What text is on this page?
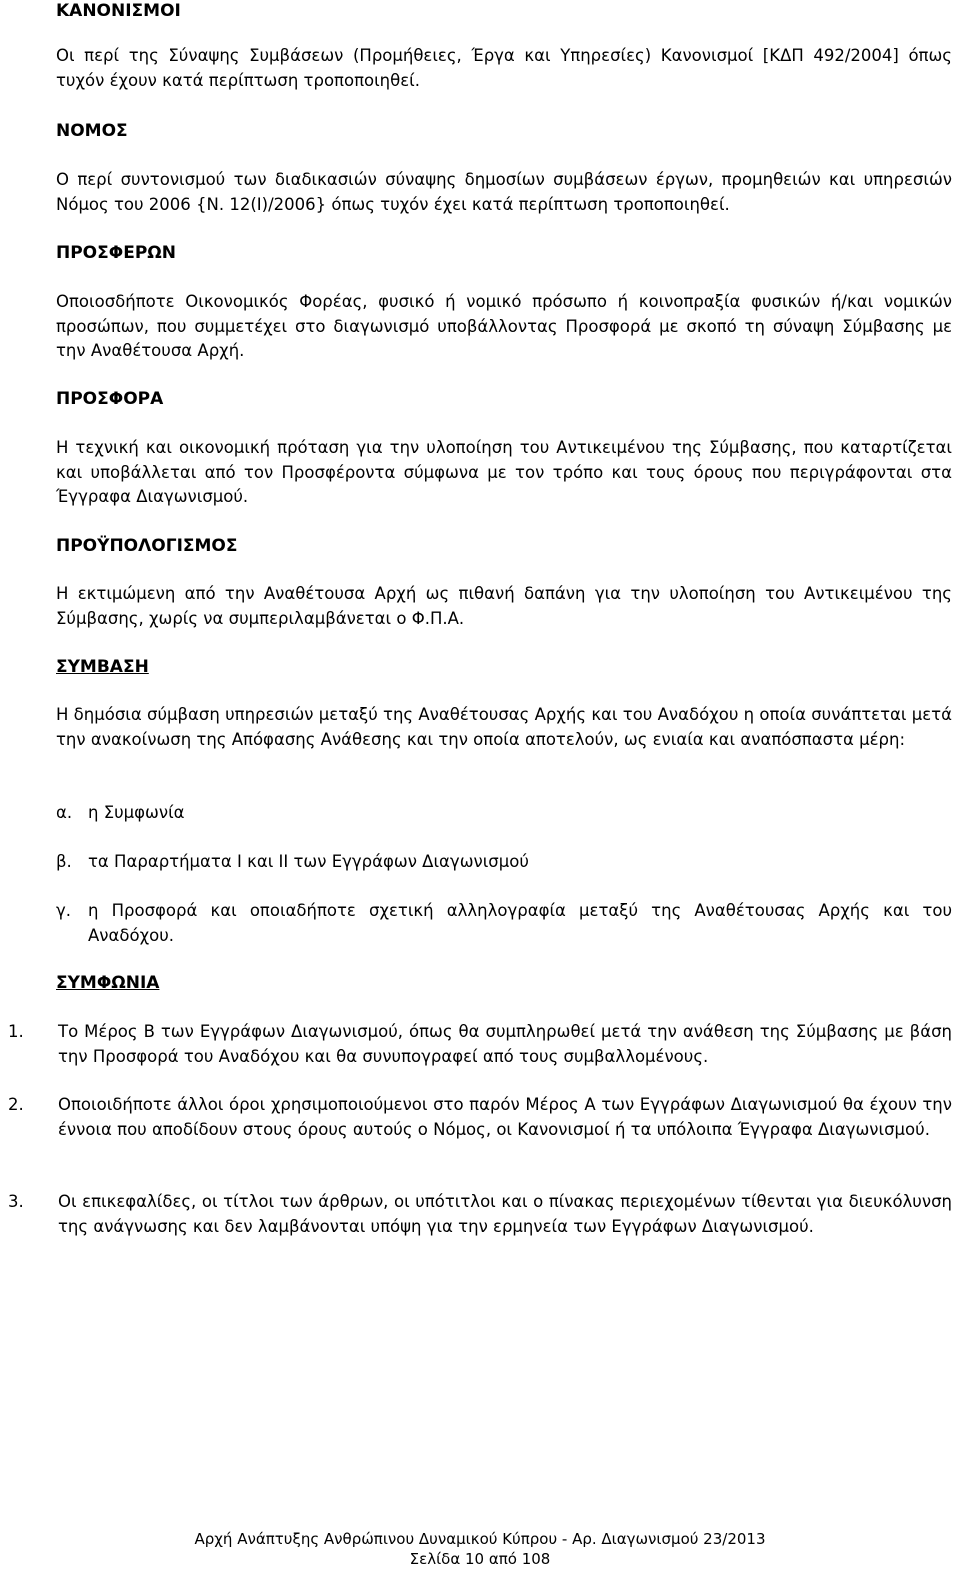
ΚΑΝΟΝΙΣΜΟΙ
Οι περί της Σύναψης Συμβάσεων (Προμήθειες, Έργα και Υπηρεσίες) Κανονισμοί [ΚΔΠ 492/2004] όπως τυχόν έχουν κατά περίπτωση τροποποιηθεί.
ΝΟΜΟΣ
Ο περί συντονισμού των διαδικασιών σύναψης δημοσίων συμβάσεων έργων, προμηθειών και υπηρεσιών Νόμος του 2006 {Ν. 12(Ι)/2006} όπως τυχόν έχει κατά περίπτωση τροποποιηθεί.
ΠΡΟΣΦΕΡΩΝ
Οποιοσδήποτε Οικονομικός Φορέας, φυσικό ή νομικό πρόσωπο ή κοινοπραξία φυσικών ή/και νομικών προσώπων, που συμμετέχει στο διαγωνισμό υποβάλλοντας Προσφορά με σκοπό τη σύναψη Σύμβασης με την Αναθέτουσα Αρχή.
ΠΡΟΣΦΟΡΑ
Η τεχνική και οικονομική πρόταση για την υλοποίηση του Αντικειμένου της Σύμβασης, που καταρτίζεται και υποβάλλεται από τον Προσφέροντα σύμφωνα με τον τρόπο και τους όρους που περιγράφονται στα Έγγραφα Διαγωνισμού.
ΠΡΟΫΠΟΛΟΓΙΣΜΟΣ
Η εκτιμώμενη από την Αναθέτουσα Αρχή ως πιθανή δαπάνη για την υλοποίηση του Αντικειμένου της Σύμβασης, χωρίς να συμπεριλαμβάνεται ο Φ.Π.Α.
ΣΥΜΒΑΣΗ
Η δημόσια σύμβαση υπηρεσιών μεταξύ της Αναθέτουσας Αρχής και του Αναδόχου η οποία συνάπτεται μετά την ανακοίνωση της Απόφασης Ανάθεσης και την οποία αποτελούν, ως ενιαία και αναπόσπαστα μέρη:
α. η Συμφωνία
β. τα Παραρτήματα Ι και ΙΙ των Εγγράφων Διαγωνισμού
γ. η Προσφορά και οποιαδήποτε σχετική αλληλογραφία μεταξύ της Αναθέτουσας Αρχής και του Αναδόχου.
ΣΥΜΦΩΝΙΑ
1. Το Μέρος Β των Εγγράφων Διαγωνισμού, όπως θα συμπληρωθεί μετά την ανάθεση της Σύμβασης με βάση την Προσφορά του Αναδόχου και θα συνυπογραφεί από τους συμβαλλομένους.
2. Οποιοιδήποτε άλλοι όροι χρησιμοποιούμενοι στο παρόν Μέρος Α των Εγγράφων Διαγωνισμού θα έχουν την έννοια που αποδίδουν στους όρους αυτούς ο Νόμος, οι Κανονισμοί ή τα υπόλοιπα Έγγραφα Διαγωνισμού.
3. Οι επικεφαλίδες, οι τίτλοι των άρθρων, οι υπότιτλοι και ο πίνακας περιεχομένων τίθενται για διευκόλυνση της ανάγνωσης και δεν λαμβάνονται υπόψη για την ερμηνεία των Εγγράφων Διαγωνισμού.
Αρχή Ανάπτυξης Ανθρώπινου Δυναμικού Κύπρου - Αρ. Διαγωνισμού 23/2013
Σελίδα 10 από 108
